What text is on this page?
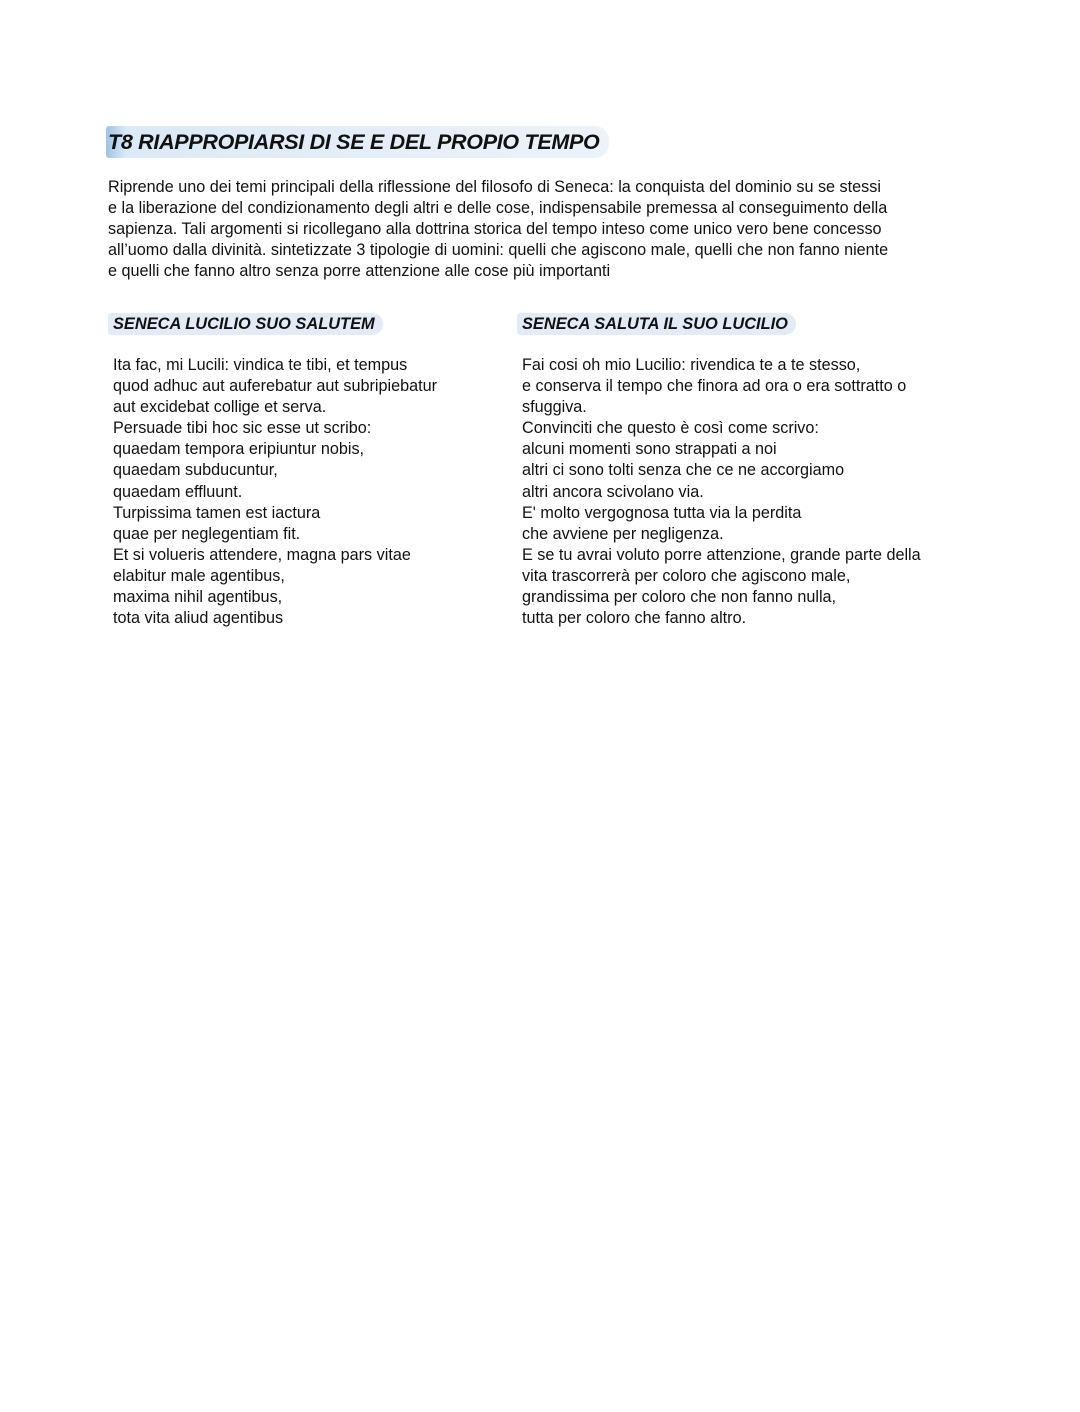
T8 RIAPPROPIARSI DI SE E DEL PROPIO TEMPO
Riprende uno dei temi principali della riflessione del filosofo di Seneca: la conquista del dominio su se stessi
e la liberazione del condizionamento degli altri e delle cose, indispensabile premessa al conseguimento della
sapienza. Tali argomenti si ricollegano alla dottrina storica del tempo inteso come unico vero bene concesso
all’uomo dalla divinità. sintetizzate 3 tipologie di uomini: quelli che agiscono male, quelli che non fanno niente
e quelli che fanno altro senza porre attenzione alle cose più importanti
SENECA LUCILIO SUO SALUTEM
Ita fac, mi Lucili: vindica te tibi, et tempus
quod adhuc aut auferebatur aut subripiebatur
aut excidebat collige et serva.
Persuade tibi hoc sic esse ut scribo:
quaedam tempora eripiuntur nobis,
quaedam subducuntur,
quaedam effluunt.
Turpissima tamen est iactura
quae per neglegentiam fit.
Et si volueris attendere, magna pars vitae
elabitur male agentibus,
maxima nihil agentibus,
tota vita aliud agentibus
SENECA SALUTA IL SUO LUCILIO
Fai cosi oh mio Lucilio: rivendica te a te stesso,
e conserva il tempo che finora ad ora o era sottratto o
sfuggiva.
Convinciti che questo è così come scrivo:
alcuni momenti sono strappati a noi
altri ci sono tolti senza che ce ne accorgiamo
altri ancora scivolano via.
E' molto vergognosa tutta via la perdita
che avviene per negligenza.
E se tu avrai voluto porre attenzione, grande parte della
vita trascorrerà per coloro che agiscono male,
grandissima per coloro che non fanno nulla,
tutta per coloro che fanno altro.
